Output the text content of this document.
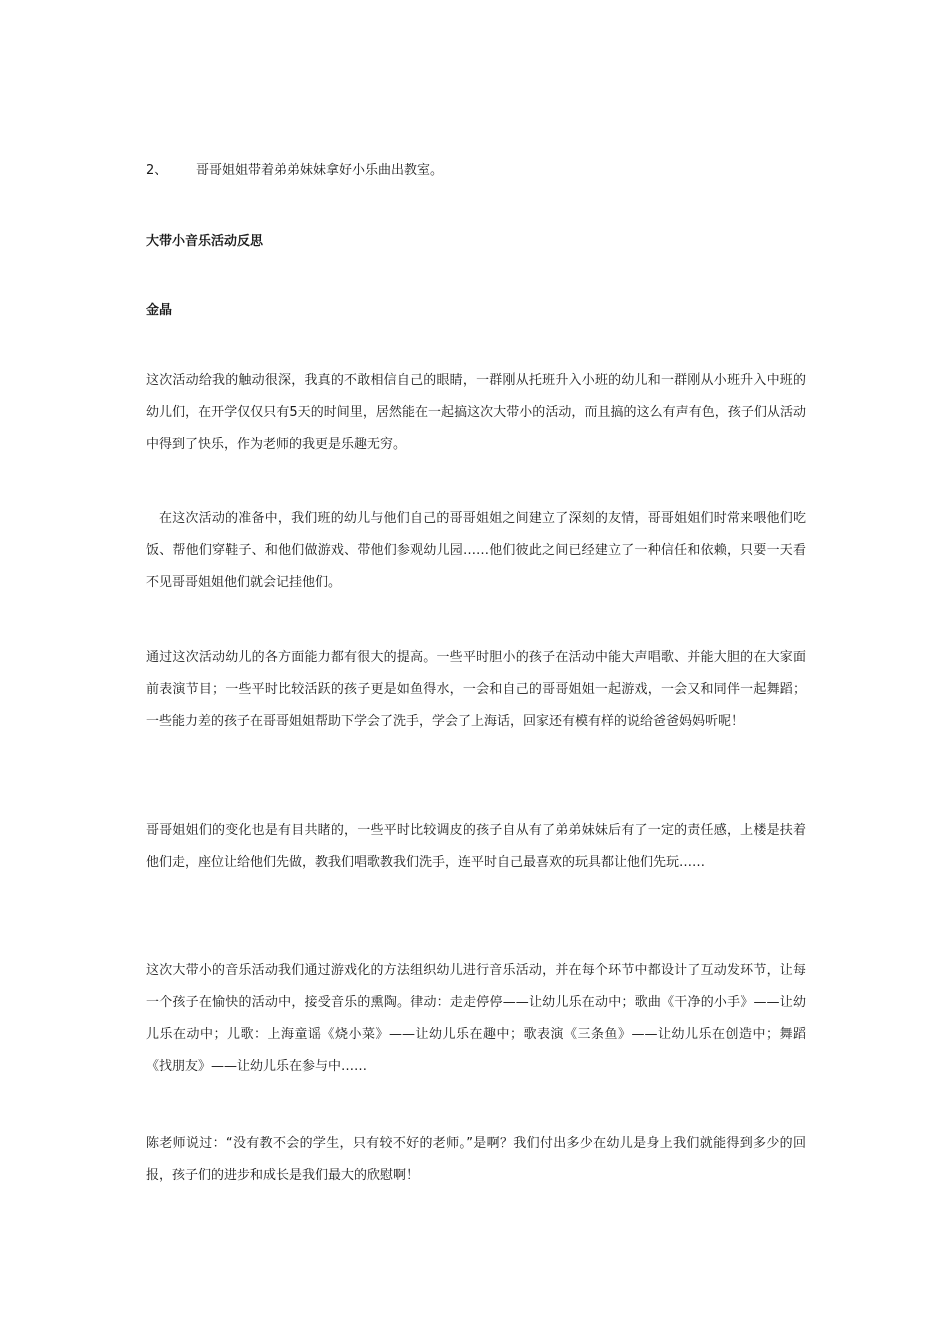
2、 哥哥姐姐带着弟弟妹妹拿好小乐曲出教室。
大带小音乐活动反思
金晶

这次活动给我的触动很深，我真的不敢相信自己的眼睛，一群刚从托班升入小班的幼儿和一群刚从小班升入中班的幼儿们，在开学仅仅只有5天的时间里，居然能在一起搞这次大带小的活动，而且搞的这么有声有色，孩子们从活动中得到了快乐，作为老师的我更是乐趣无穷。

在这次活动的准备中，我们班的幼儿与他们自己的哥哥姐姐之间建立了深刻的友情，哥哥姐姐们时常来喂他们吃饭、帮他们穿鞋子、和他们做游戏、带他们参观幼儿园……他们彼此之间已经建立了一种信任和依赖，只要一天看不见哥哥姐姐他们就会记挂他们。

通过这次活动幼儿的各方面能力都有很大的提高。一些平时胆小的孩子在活动中能大声唱歌、并能大胆的在大家面前表演节目；一些平时比较活跃的孩子更是如鱼得水，一会和自己的哥哥姐姐一起游戏，一会又和同伴一起舞蹈；一些能力差的孩子在哥哥姐姐帮助下学会了洗手，学会了上海话，回家还有模有样的说给爸爸妈妈听呢！

哥哥姐姐们的变化也是有目共睹的，一些平时比较调皮的孩子自从有了弟弟妹妹后有了一定的责任感，上楼是扶着他们走，座位让给他们先做，教我们唱歌教我们洗手，连平时自己最喜欢的玩具都让他们先玩……

这次大带小的音乐活动我们通过游戏化的方法组织幼儿进行音乐活动，并在每个环节中都设计了互动发环节，让每一个孩子在愉快的活动中，接受音乐的熏陶。律动：走走停停——让幼儿乐在动中；歌曲《干净的小手》——让幼儿乐在动中；儿歌：上海童谣《烧小菜》——让幼儿乐在趣中；歌表演《三条鱼》——让幼儿乐在创造中；舞蹈《找朋友》——让幼儿乐在参与中……

陈老师说过：“没有教不会的学生，只有较不好的老师。”是啊？我们付出多少在幼儿是身上我们就能得到多少的回报，孩子们的进步和成长是我们最大的欣慰啊！
